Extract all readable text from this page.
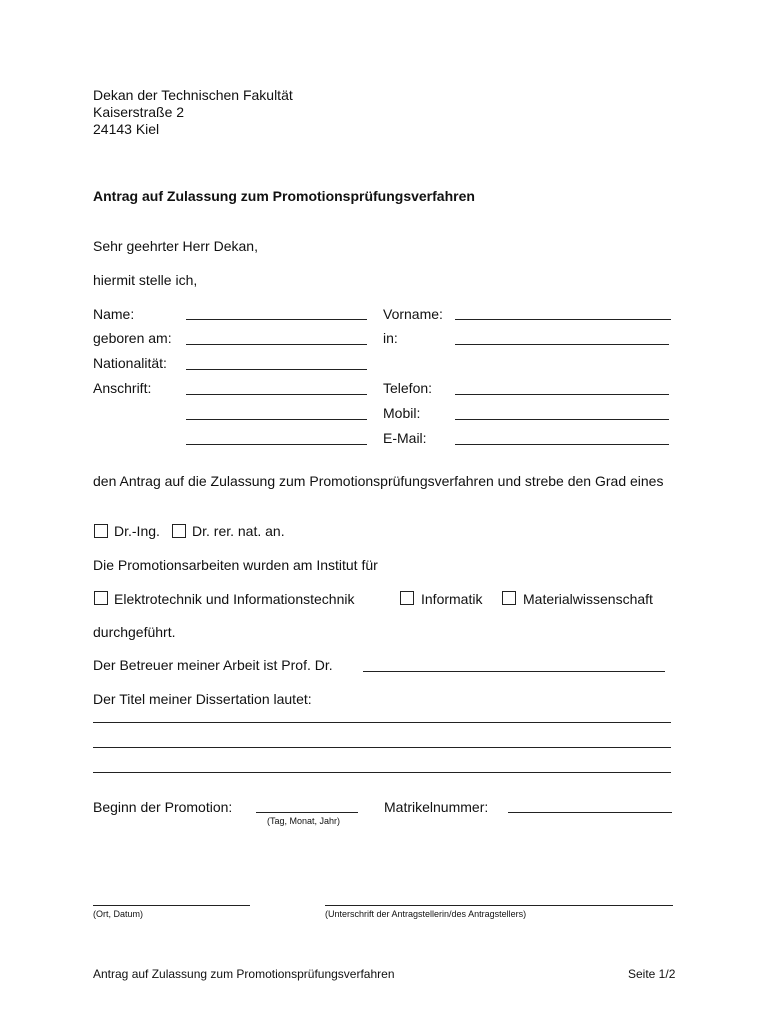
Dekan der Technischen Fakultät
Kaiserstraße 2
24143 Kiel
Antrag auf Zulassung zum Promotionsprüfungsverfahren
Sehr geehrter Herr Dekan,
hiermit stelle ich,
Name:	Vorname:
geboren am:	in:
Nationalität:
Anschrift:	Telefon:
Mobil:
E-Mail:
den Antrag auf die Zulassung zum Promotionsprüfungsverfahren und strebe den Grad eines
Dr.-Ing. Dr. rer. nat. an.
Die Promotionsarbeiten wurden am Institut für
Elektrotechnik und Informationstechnik	Informatik	Materialwissenschaft
durchgeführt.
Der Betreuer meiner Arbeit ist Prof. Dr.
Der Titel meiner Dissertation lautet:
Beginn der Promotion:
(Tag, Monat, Jahr)
Matrikelnummer:
(Ort, Datum)	(Unterschrift der Antragstellerin/des Antragstellers)
Antrag auf Zulassung zum Promotionsprüfungsverfahren	Seite 1/2
